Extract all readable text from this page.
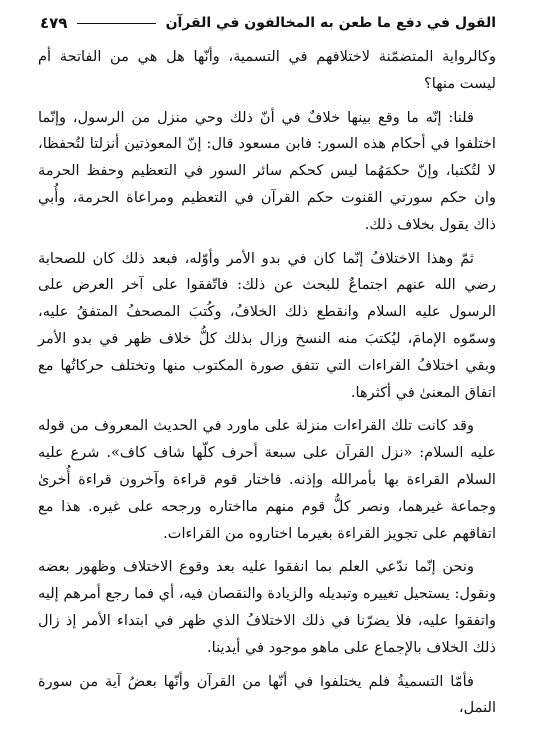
القول في دفع ما طعن به المخالفون في القرآن
٤٧٩

وكالرواية المتضمّنة لاختلافهم في التسمية، وأنّها هل هي من الفاتحة أم ليست منها؟

قلنا: إنّه ما وقع بينها خلافٌ في أنّ ذلك وحي منزل من الرسول، وإنّما اختلفوا في أحكام هذه السور: فابن مسعود قال: إنّ المعوذتين أنزلتا لتُحفظا، لا لتُكتبا، وإنّ حكمَهُما ليس كحكم سائر السور في التعظيم وحفظ الحرمة وان حكم سورتي القنوت حكم القرآن في التعظيم ومراعاة الحرمة، وأُبي ذاك يقول بخلاف ذلك.

ثمّ وهذا الاختلافُ إنّما كان في بدو الأمر وأوّله، فبعد ذلك كان للصحابة رضي الله عنهم اجتماعٌ للبحث عن ذلك: فاتّفقوا على آخر العرض على الرسول عليه السلام وانقطع ذلك الخلافُ، وكُتبَ المصحفُ المتفقُ عليه، وسمّوه الإمامَ، ليُكتبَ منه النسخ وزال بذلك كلُّ خلاف ظهر في بدو الأمر وبقي اختلافُ القراءات التي تتفق صورة المكتوب منها وتختلف حركاتُها مع اتفاق المعنىٰ في أكثرها.

وقد كانت تلك القراءات منزلة على ماورد في الحديث المعروف من قوله عليه السلام: «نزل القرآن على سبعة أحرف كلّها شاف كاف». شرع عليه السلام القراءة بها بأمرالله وإذنه. فاختار قوم قراءة وآخرون قراءة أُخرىٰ وجماعة غيرهما، ونصر كلُّ قوم منهم مااختاره ورجحه على غيره. هذا مع اتفاقهم على تجويز القراءة بغيرما اختاروه من القراءات.

ونحن إنّما ندّعي العلم بما انفقوا عليه بعد وقوع الاختلاف وظهور بعضه ونقول: يستحيل تغييره وتبديله والزيادة والنقصان فيه، أي فما رجع أمرهم إليه واتفقوا عليه، فلا يضرّنا في ذلك الاختلافُ الذي ظهر في ابتداء الأمر إذ زال ذلك الخلاف بالإجماع على ماهو موجود في أيدينا.

فأمّا التسميةُ فلم يختلفوا في أنّها من القرآن وأنّها بعضُ آية من سورة النمل،
